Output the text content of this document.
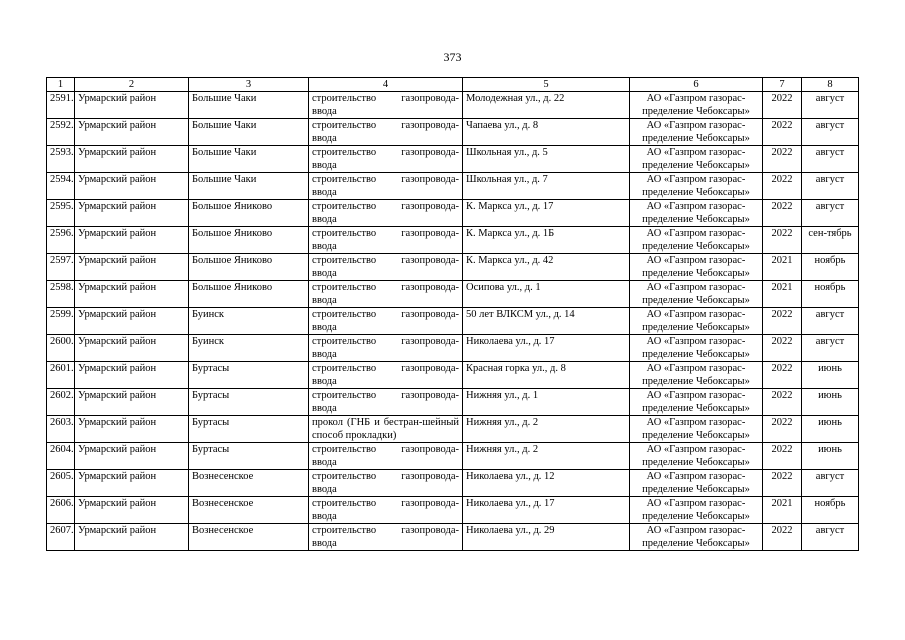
373
1	2	3	4	5	6	7	8
2591.	Урмарский район	Большие Чаки	строительство газопровода-ввода	Молодежная ул., д. 22	АО «Газпром газорас-пределение Чебоксары»	2022	август
2592.	Урмарский район	Большие Чаки	строительство газопровода-ввода	Чапаева ул., д. 8	АО «Газпром газорас-пределение Чебоксары»	2022	август
2593.	Урмарский район	Большие Чаки	строительство газопровода-ввода	Школьная ул., д. 5	АО «Газпром газорас-пределение Чебоксары»	2022	август
2594.	Урмарский район	Большие Чаки	строительство газопровода-ввода	Школьная ул., д. 7	АО «Газпром газорас-пределение Чебоксары»	2022	август
2595.	Урмарский район	Большое Яниково	строительство газопровода-ввода	К. Маркса ул., д. 17	АО «Газпром газорас-пределение Чебоксары»	2022	август
2596.	Урмарский район	Большое Яниково	строительство газопровода-ввода	К. Маркса ул., д. 1Б	АО «Газпром газорас-пределение Чебоксары»	2022	сен-тябрь
2597.	Урмарский район	Большое Яниково	строительство газопровода-ввода	К. Маркса ул., д. 42	АО «Газпром газорас-пределение Чебоксары»	2021	ноябрь
2598.	Урмарский район	Большое Яниково	строительство газопровода-ввода	Осипова ул., д. 1	АО «Газпром газорас-пределение Чебоксары»	2021	ноябрь
2599.	Урмарский район	Буинск	строительство газопровода-ввода	50 лет ВЛКСМ ул., д. 14	АО «Газпром газорас-пределение Чебоксары»	2022	август
2600.	Урмарский район	Буинск	строительство газопровода-ввода	Николаева ул., д. 17	АО «Газпром газорас-пределение Чебоксары»	2022	август
2601.	Урмарский район	Буртасы	строительство газопровода-ввода	Красная горка ул., д. 8	АО «Газпром газорас-пределение Чебоксары»	2022	июнь
2602.	Урмарский район	Буртасы	строительство газопровода-ввода	Нижняя ул., д. 1	АО «Газпром газорас-пределение Чебоксары»	2022	июнь
2603.	Урмарский район	Буртасы	прокол (ГНБ и бестран-шейный способ прокладки)	Нижняя ул., д. 2	АО «Газпром газорас-пределение Чебоксары»	2022	июнь
2604.	Урмарский район	Буртасы	строительство газопровода-ввода	Нижняя ул., д. 2	АО «Газпром газорас-пределение Чебоксары»	2022	июнь
2605.	Урмарский район	Вознесенское	строительство газопровода-ввода	Николаева ул., д. 12	АО «Газпром газорас-пределение Чебоксары»	2022	август
2606.	Урмарский район	Вознесенское	строительство газопровода-ввода	Николаева ул., д. 17	АО «Газпром газорас-пределение Чебоксары»	2021	ноябрь
2607.	Урмарский район	Вознесенское	строительство газопровода-ввода	Николаева ул., д. 29	АО «Газпром газорас-пределение Чебоксары»	2022	август
